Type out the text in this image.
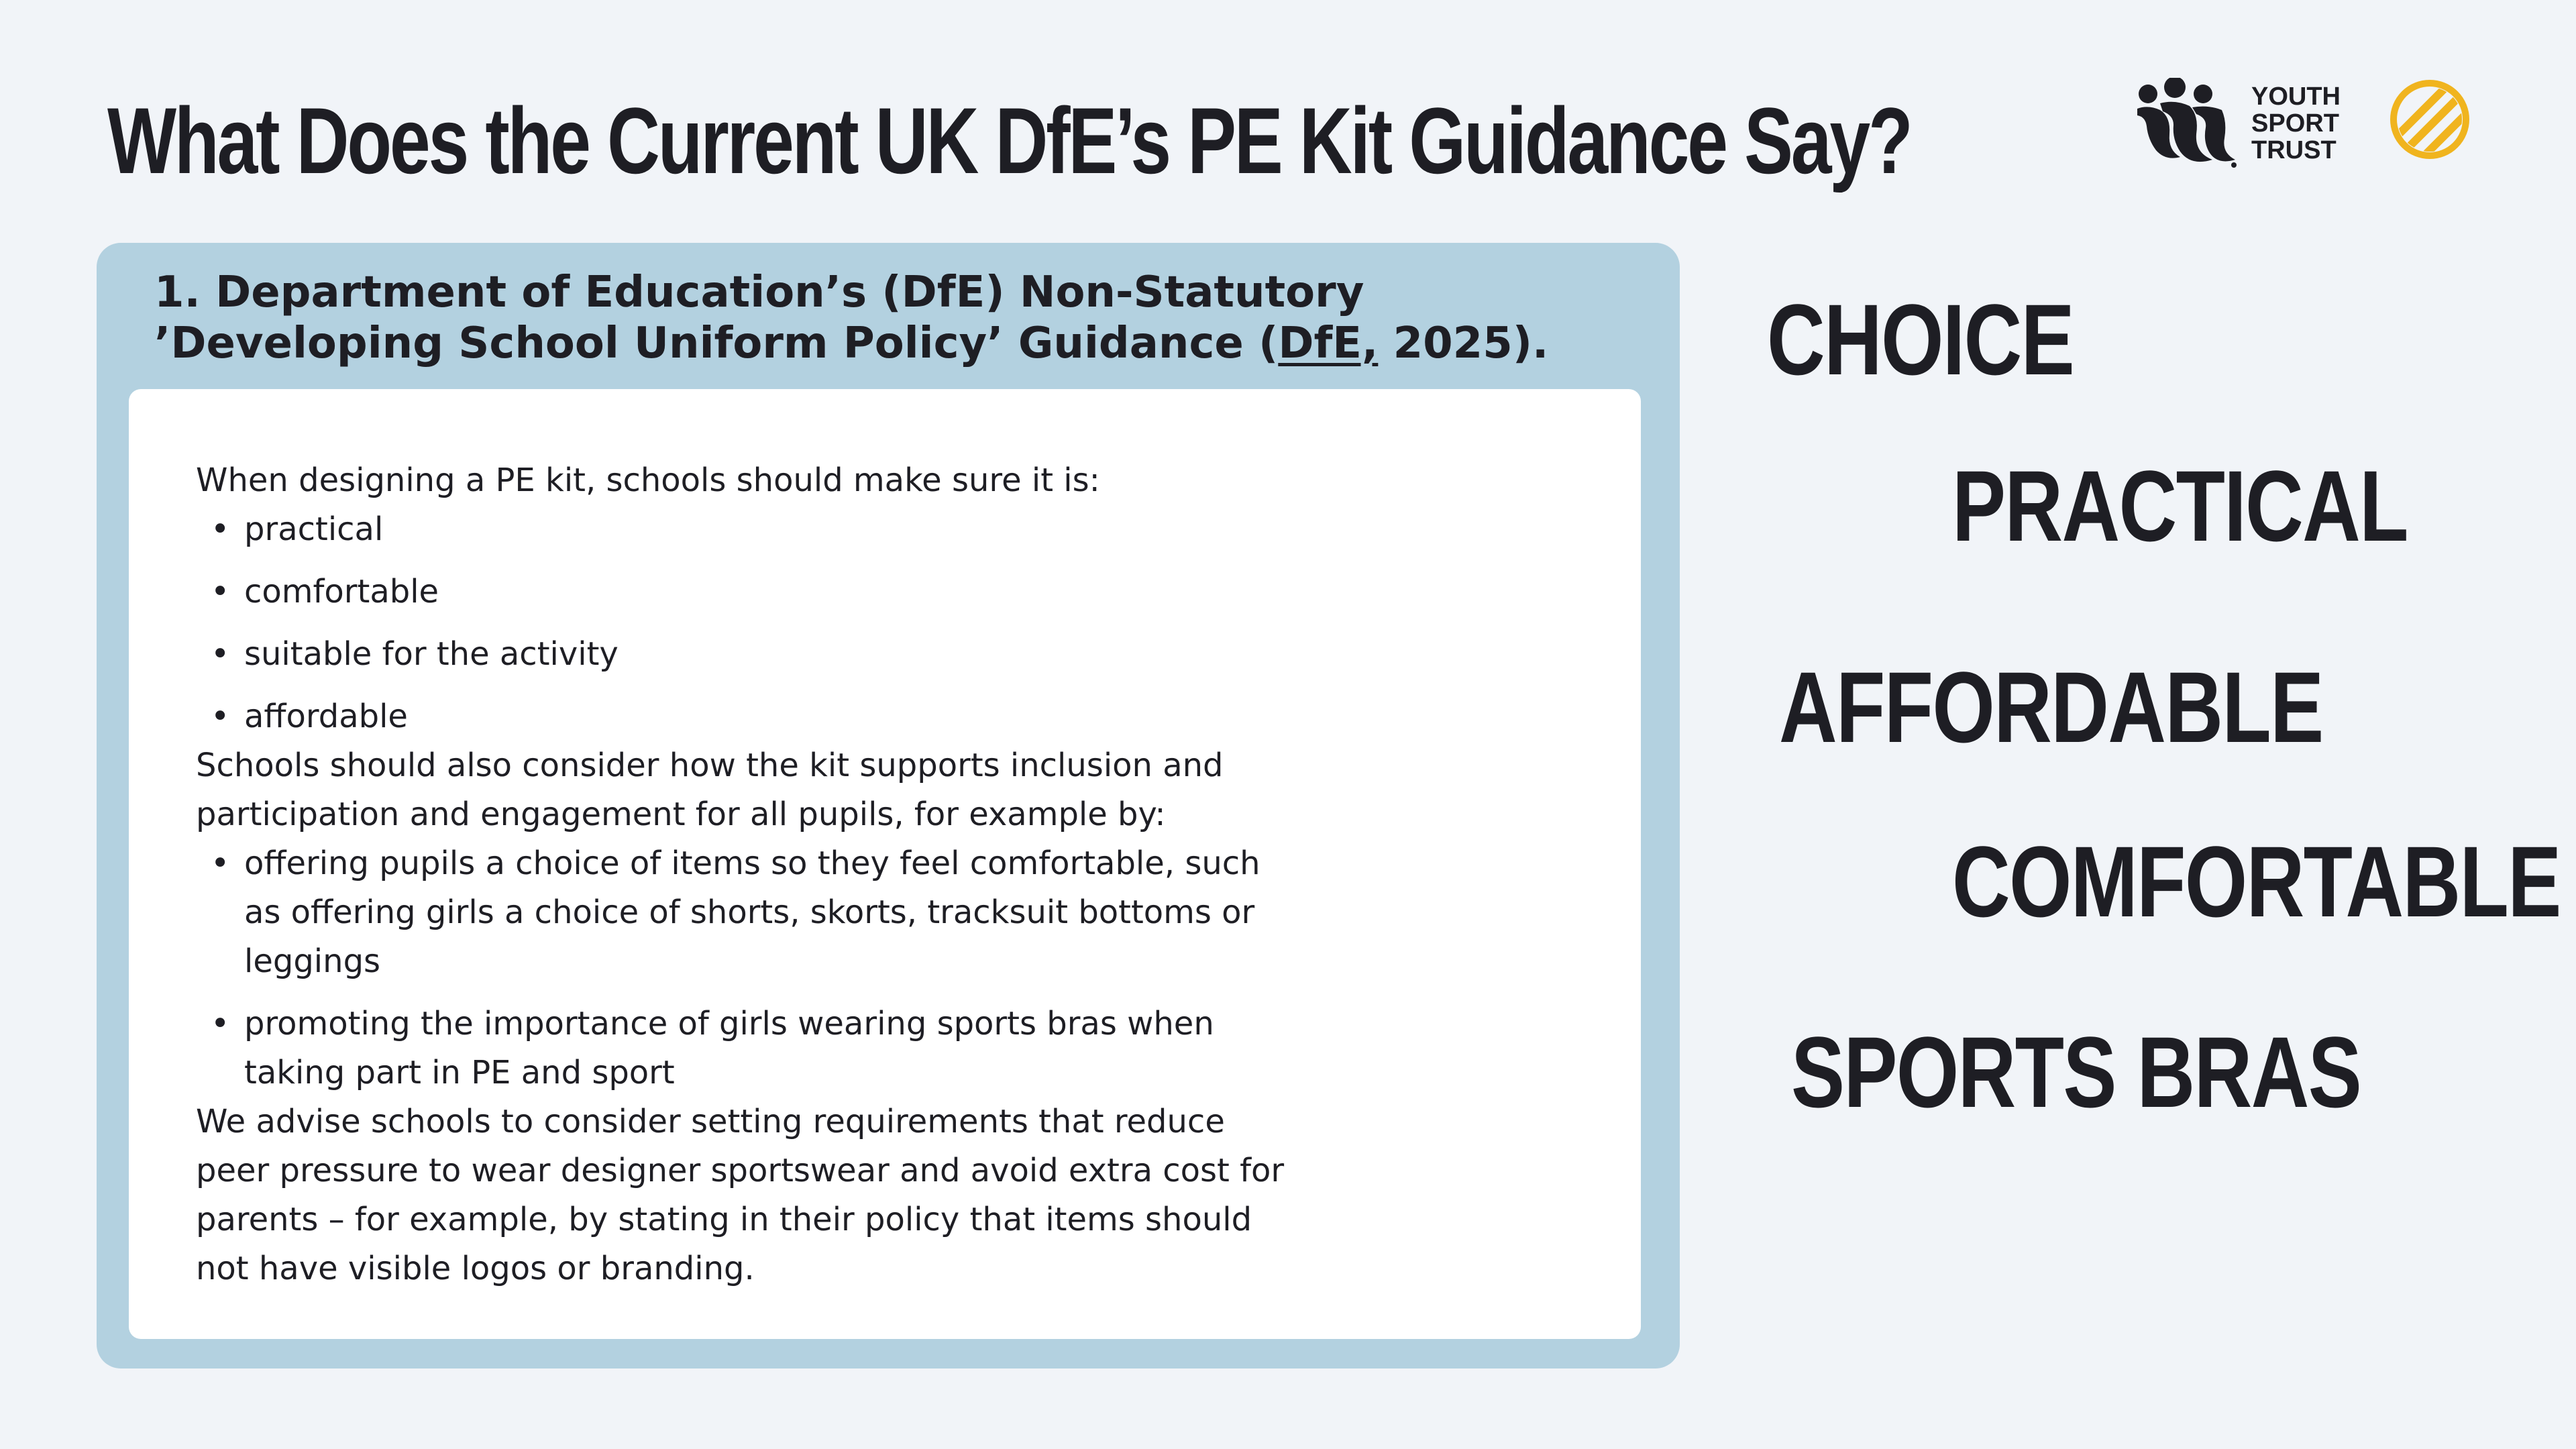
What Does the Current UK DfE’s PE Kit Guidance Say?	YOUTH
SPORT
TRUST
1. Department of Education’s (DfE) Non-Statutory ’Developing School Uniform Policy’ Guidance (DfE, 2025).

When designing a PE kit, schools should make sure it is:

• practical
• comfortable
• suitable for the activity
• affordable

Schools should also consider how the kit supports inclusion and participation and engagement for all pupils, for example by:

• offering pupils a choice of items so they feel comfortable, such as offering girls a choice of shorts, skorts, tracksuit bottoms or leggings
• promoting the importance of girls wearing sports bras when taking part in PE and sport

We advise schools to consider setting requirements that reduce peer pressure to wear designer sportswear and avoid extra cost for parents – for example, by stating in their policy that items should not have visible logos or branding.

CHOICE
PRACTICAL
AFFORDABLE
COMFORTABLE
SPORTS BRAS
